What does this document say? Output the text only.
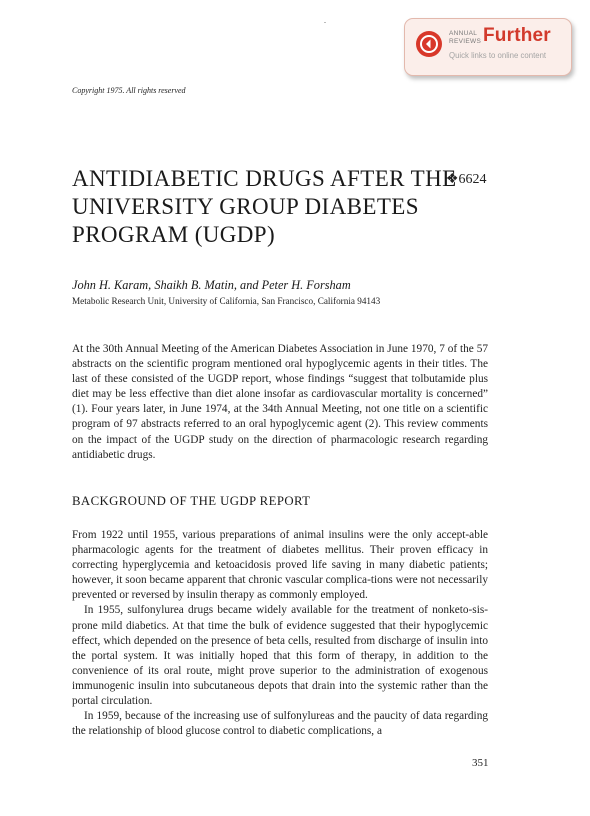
ANNUAL
REVIEWS Further
Quick links to online content
Copyright 1975. All rights reserved
ANTIDIABETIC DRUGS AFTER THE UNIVERSITY GROUP DIABETES PROGRAM (UGDP)
❖6624
John H. Karam, Shaikh B. Matin, and Peter H. Forsham
Metabolic Research Unit, University of California, San Francisco, California 94143

At the 30th Annual Meeting of the American Diabetes Association in June 1970, 7 of the 57 abstracts on the scientific program mentioned oral hypoglycemic agents in their titles. The last of these consisted of the UGDP report, whose findings “suggest that tolbutamide plus diet may be less effective than diet alone insofar as cardiovascular mortality is concerned” (1). Four years later, in June 1974, at the 34th Annual Meeting, not one title on a scientific program of 97 abstracts referred to an oral hypoglycemic agent (2). This review comments on the impact of the UGDP study on the direction of pharmacologic research regarding antidiabetic drugs.

BACKGROUND OF THE UGDP REPORT

From 1922 until 1955, various preparations of animal insulins were the only accept-able pharmacologic agents for the treatment of diabetes mellitus. Their proven efficacy in correcting hyperglycemia and ketoacidosis proved life saving in many diabetic patients; however, it soon became apparent that chronic vascular complica-tions were not necessarily prevented or reversed by insulin therapy as commonly employed.

In 1955, sulfonylurea drugs became widely available for the treatment of nonketo-sis-prone mild diabetics. At that time the bulk of evidence suggested that their hypoglycemic effect, which depended on the presence of beta cells, resulted from discharge of insulin into the portal system. It was initially hoped that this form of therapy, in addition to the convenience of its oral route, might prove superior to the administration of exogenous immunogenic insulin into subcutaneous depots that drain into the systemic rather than the portal circulation.

In 1959, because of the increasing use of sulfonylureas and the paucity of data regarding the relationship of blood glucose control to diabetic complications, a

351
